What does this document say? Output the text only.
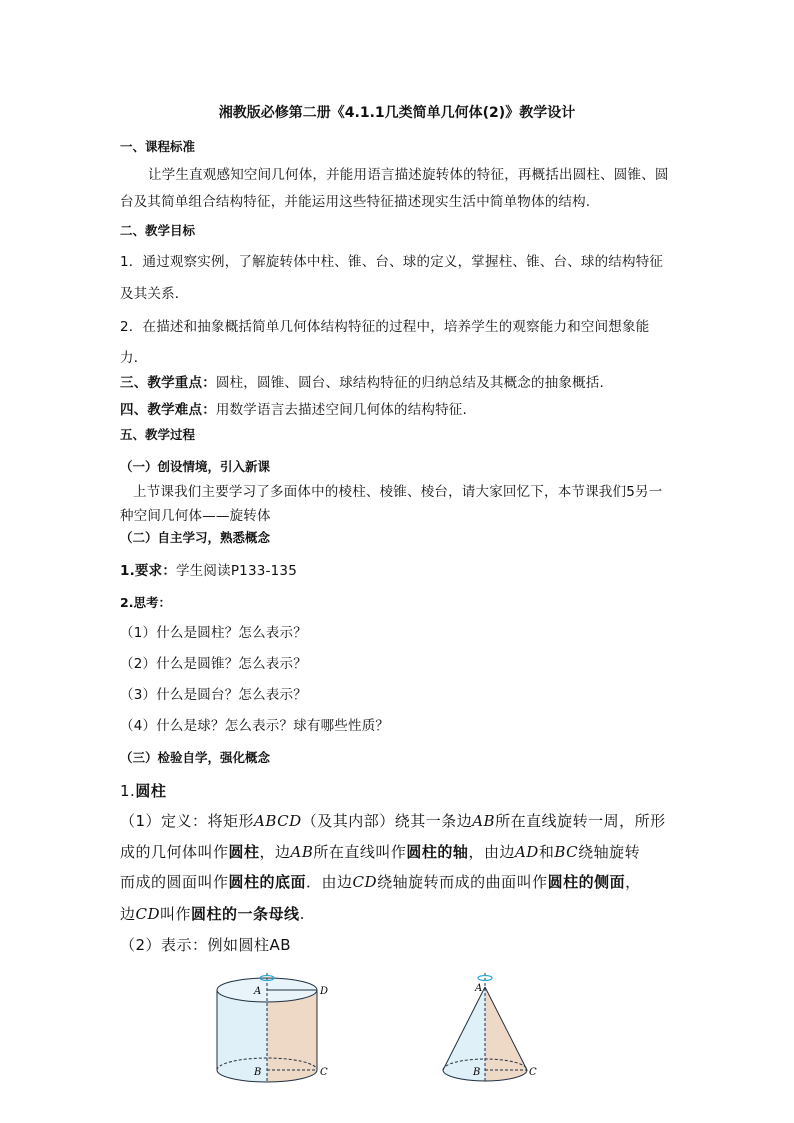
湘教版必修第二册《4.1.1几类简单几何体(2)》教学设计
一、课程标准
让学生直观感知空间几何体，并能用语言描述旋转体的特征，再概括出圆柱、圆锥、圆
台及其简单组合结构特征，并能运用这些特征描述现实生活中简单物体的结构.
二、教学目标
1．通过观察实例，了解旋转体中柱、锥、台、球的定义，掌握柱、锥、台、球的结构特征
及其关系．
2．在描述和抽象概括简单几何体结构特征的过程中，培养学生的观察能力和空间想象能
力．
三、教学重点：圆柱，圆锥、圆台、球结构特征的归纳总结及其概念的抽象概括.
四、教学难点：用数学语言去描述空间几何体的结构特征.
五、教学过程
（一）创设情境，引入新课
上节课我们主要学习了多面体中的棱柱、棱锥、棱台，请大家回忆下，本节课我们5另一
种空间几何体——旋转体
（二）自主学习，熟悉概念
1.要求：学生阅读P133-135
2.思考：
（1）什么是圆柱？怎么表示？
（2）什么是圆锥？怎么表示？
（3）什么是圆台？怎么表示？
（4）什么是球？怎么表示？球有哪些性质？
（三）检验自学，强化概念
1.圆柱
（1）定义：将矩形ABCD（及其内部）绕其一条边AB所在直线旋转一周，所形
成的几何体叫作圆柱，边AB所在直线叫作圆柱的轴，由边AD和BC绕轴旋转
而成的圆面叫作圆柱的底面．由边CD绕轴旋转而成的曲面叫作圆柱的侧面，
边CD叫作圆柱的一条母线.
（2）表示：例如圆柱AB
A	D
B	C
A
B	C
